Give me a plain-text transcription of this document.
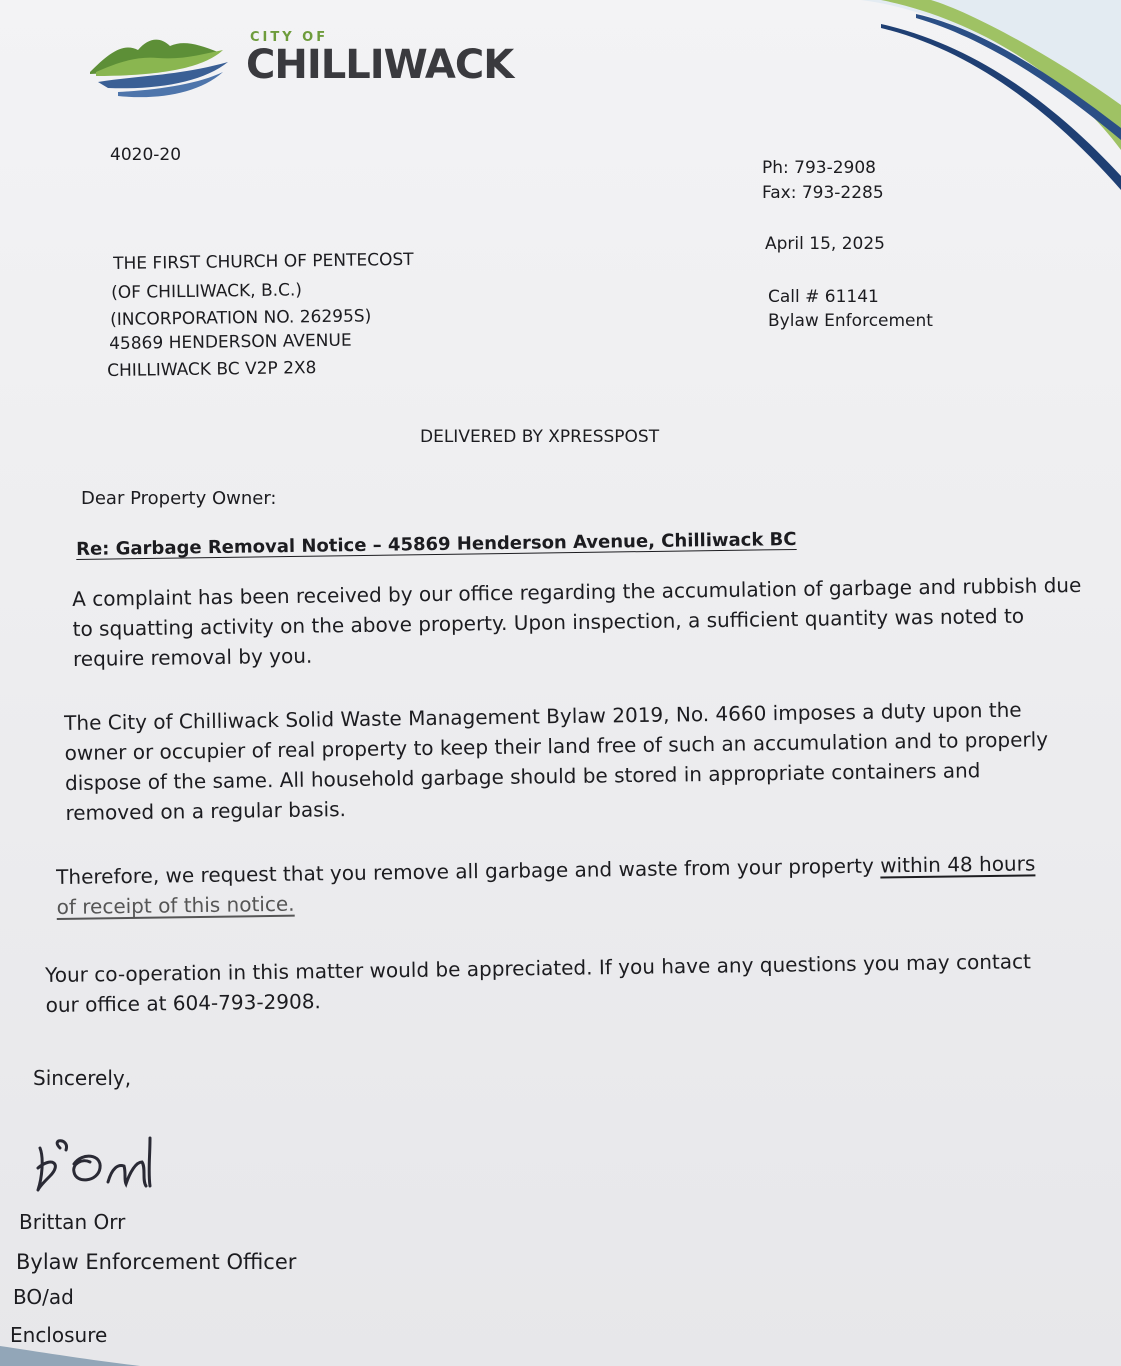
CITY OF
CHILLIWACK
4020-20
Ph: 793-2908
Fax: 793-2285
April 15, 2025
Call # 61141
Bylaw Enforcement
THE FIRST CHURCH OF PENTECOST
(OF CHILLIWACK, B.C.)
(INCORPORATION NO. 26295S)
45869 HENDERSON AVENUE
CHILLIWACK BC V2P 2X8
DELIVERED BY XPRESSPOST
Dear Property Owner:
Re: Garbage Removal Notice – 45869 Henderson Avenue, Chilliwack BC
A complaint has been received by our office regarding the accumulation of garbage and rubbish due
to squatting activity on the above property. Upon inspection, a sufficient quantity was noted to
require removal by you.
The City of Chilliwack Solid Waste Management Bylaw 2019, No. 4660 imposes a duty upon the
owner or occupier of real property to keep their land free of such an accumulation and to properly
dispose of the same. All household garbage should be stored in appropriate containers and
removed on a regular basis.
Therefore, we request that you remove all garbage and waste from your property within 48 hours
of receipt of this notice.
Your co-operation in this matter would be appreciated. If you have any questions you may contact
our office at 604-793-2908.
Sincerely,
Brittan Orr
Bylaw Enforcement Officer
BO/ad
Enclosure
